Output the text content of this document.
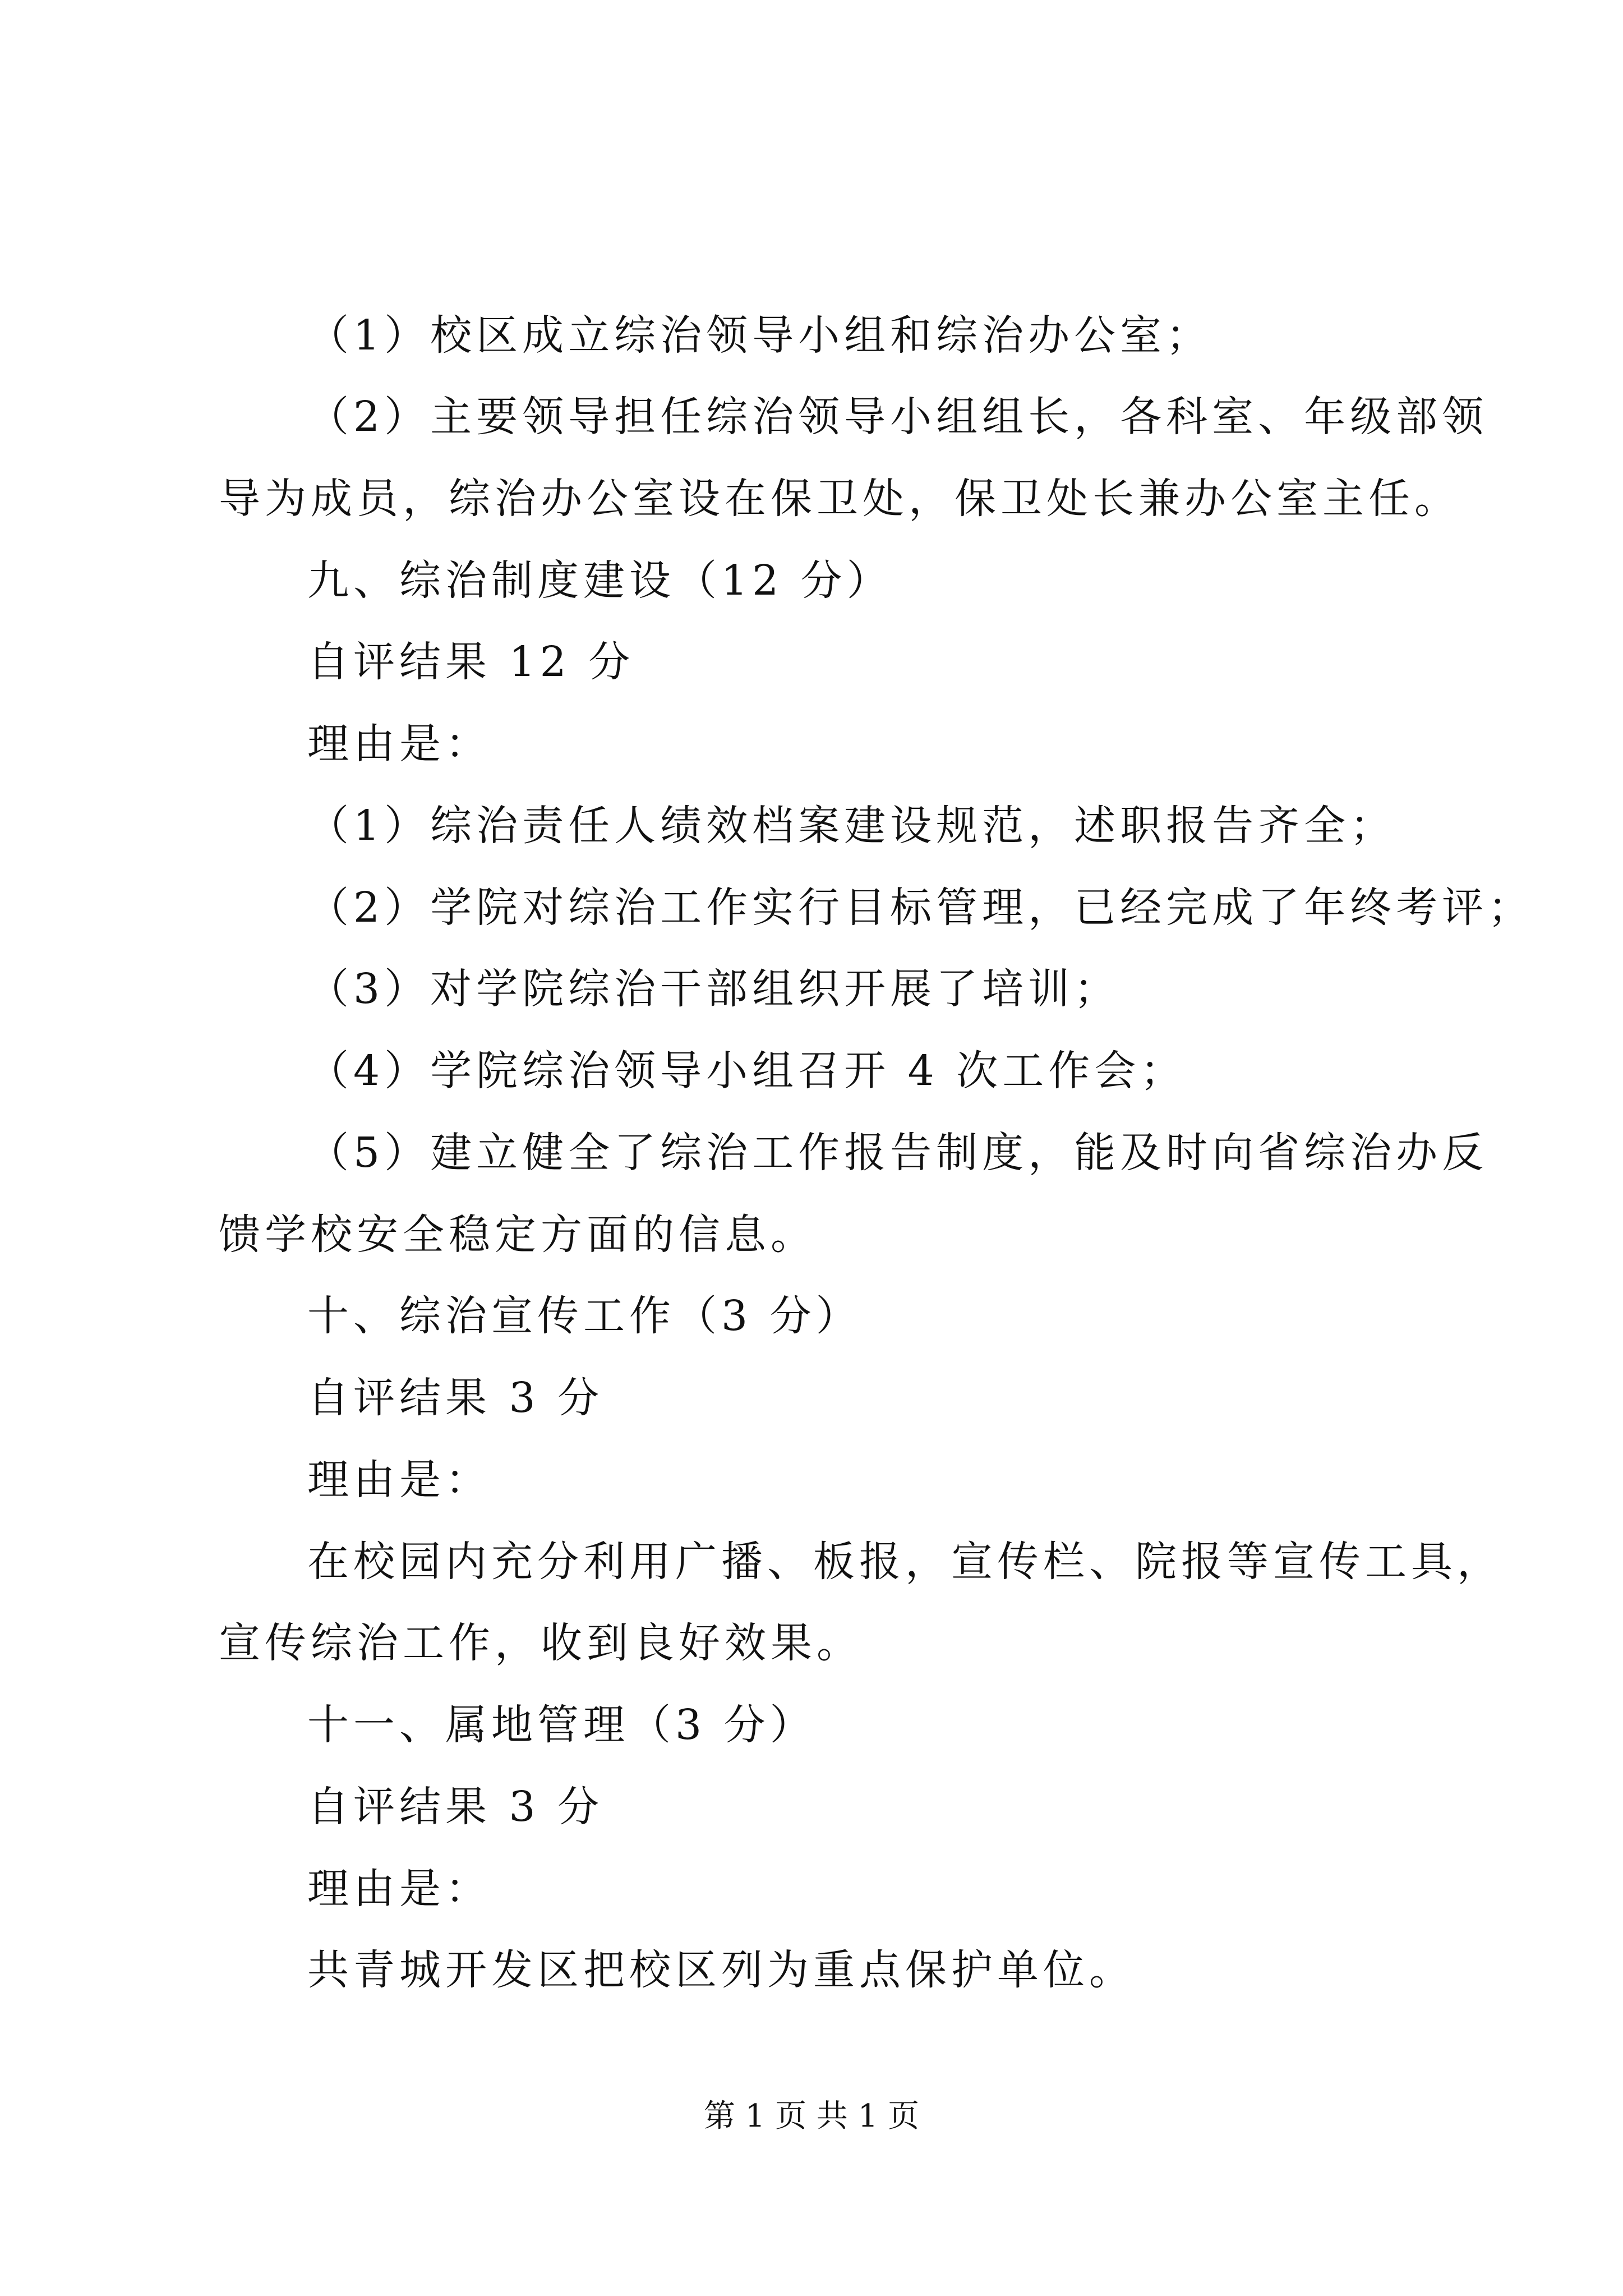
（1）校区成立综治领导小组和综治办公室；
（2）主要领导担任综治领导小组组长，各科室、年级部领
导为成员，综治办公室设在保卫处，保卫处长兼办公室主任。
九、综治制度建设（12 分）
自评结果 12 分
理由是：
（1）综治责任人绩效档案建设规范，述职报告齐全；
（2）学院对综治工作实行目标管理，已经完成了年终考评；
（3）对学院综治干部组织开展了培训；
（4）学院综治领导小组召开 4 次工作会；
（5）建立健全了综治工作报告制度，能及时向省综治办反
馈学校安全稳定方面的信息。
十、综治宣传工作（3 分）
自评结果 3 分
理由是：
在校园内充分利用广播、板报，宣传栏、院报等宣传工具，
宣传综治工作，收到良好效果。
十一、属地管理（3 分）
自评结果 3 分
理由是：
共青城开发区把校区列为重点保护单位。
第 1 页 共 1 页
